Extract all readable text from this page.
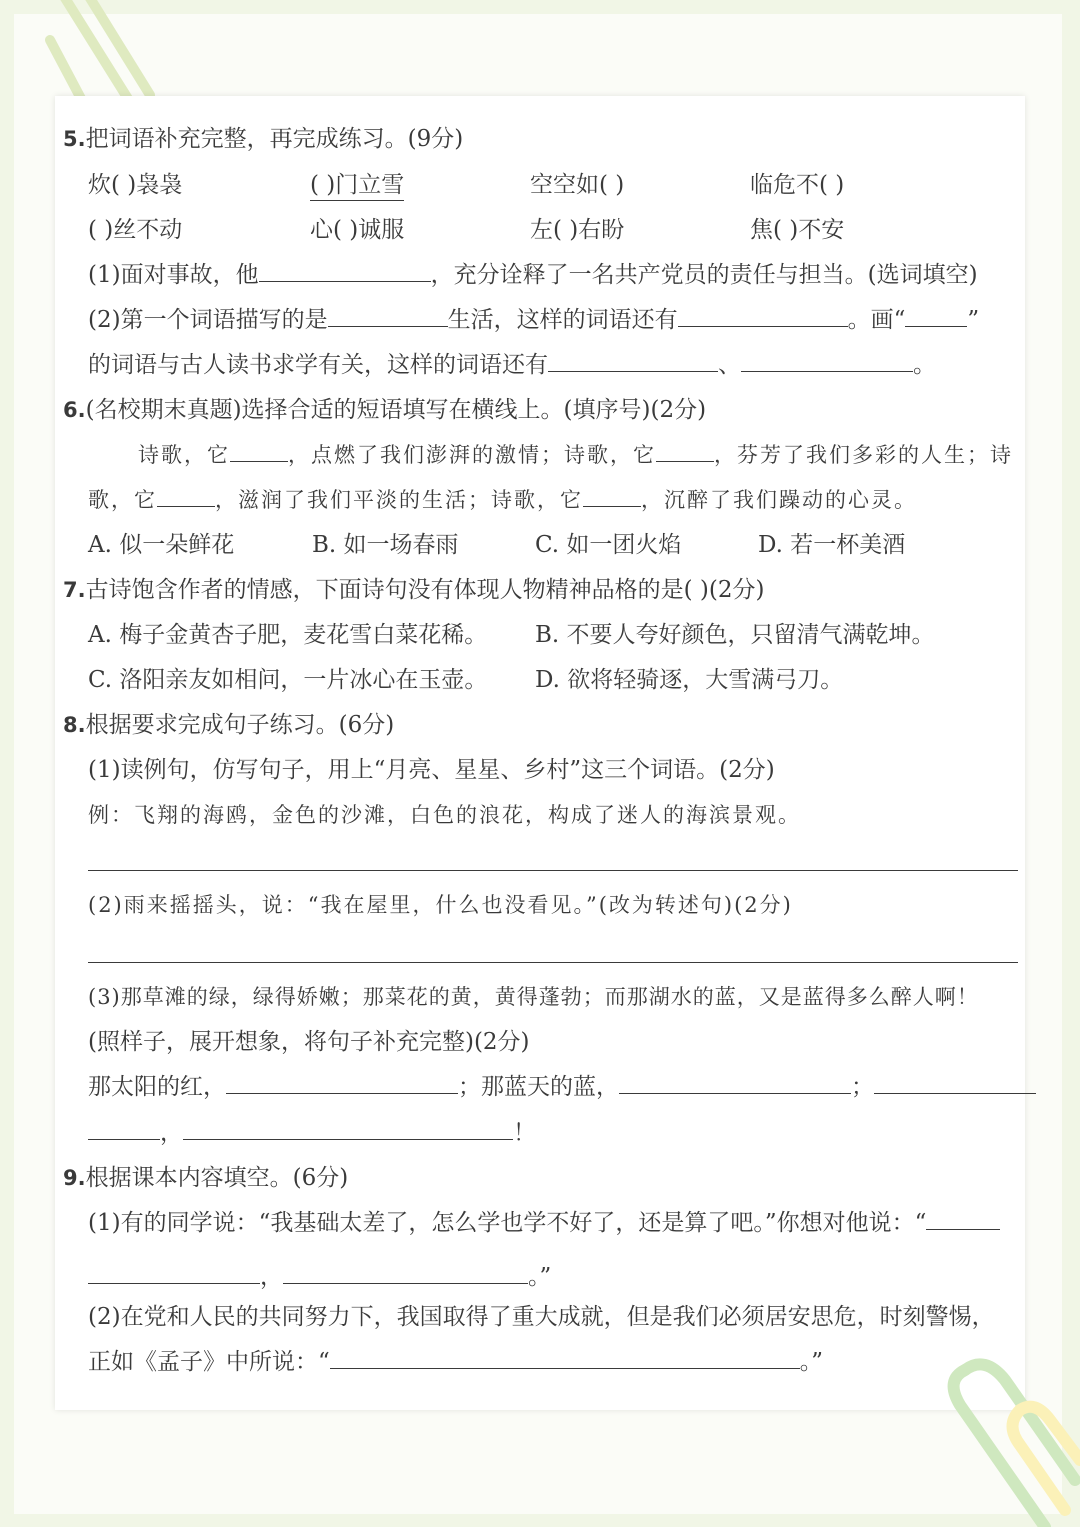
5.把词语补充完整，再完成练习。(9分)
炊( )袅袅	( )门立雪	空空如( )	临危不( )
( )丝不动	心( )诚服	左( )右盼	焦( )不安
(1)面对事故，他	，充分诠释了一名共产党员的责任与担当。(选词填空)
(2)第一个词语描写的是	生活，这样的词语还有	。画“	”
的词语与古人读书求学有关，这样的词语还有	、	。
6.(名校期末真题)选择合适的短语填写在横线上。(填序号)(2分)
诗歌，它	，点燃了我们澎湃的激情；诗歌，它	，芬芳了我们多彩的人生；诗
歌，它	，滋润了我们平淡的生活；诗歌，它	，沉醉了我们躁动的心灵。
A. 似一朵鲜花	B. 如一场春雨	C. 如一团火焰	D. 若一杯美酒
7.古诗饱含作者的情感，下面诗句没有体现人物精神品格的是( )(2分)
A. 梅子金黄杏子肥，麦花雪白菜花稀。 B. 不要人夸好颜色，只留清气满乾坤。
C. 洛阳亲友如相问，一片冰心在玉壶。 D. 欲将轻骑逐，大雪满弓刀。
8.根据要求完成句子练习。(6分)
(1)读例句，仿写句子，用上“月亮、星星、乡村”这三个词语。(2分)
例：飞翔的海鸥，金色的沙滩，白色的浪花，构成了迷人的海滨景观。
(2)雨来摇摇头，说：“我在屋里，什么也没看见。”(改为转述句)(2分)
(3)那草滩的绿，绿得娇嫩；那菜花的黄，黄得蓬勃；而那湖水的蓝，又是蓝得多么醉人啊！
(照样子，展开想象，将句子补充完整)(2分)
那太阳的红，	；那蓝天的蓝，	；
，	！
9.根据课本内容填空。(6分)
(1)有的同学说：“我基础太差了，怎么学也学不好了，还是算了吧。”你想对他说：“
，	。”
(2)在党和人民的共同努力下，我国取得了重大成就，但是我们必须居安思危，时刻警惕，
正如《孟子》中所说：“	。”
